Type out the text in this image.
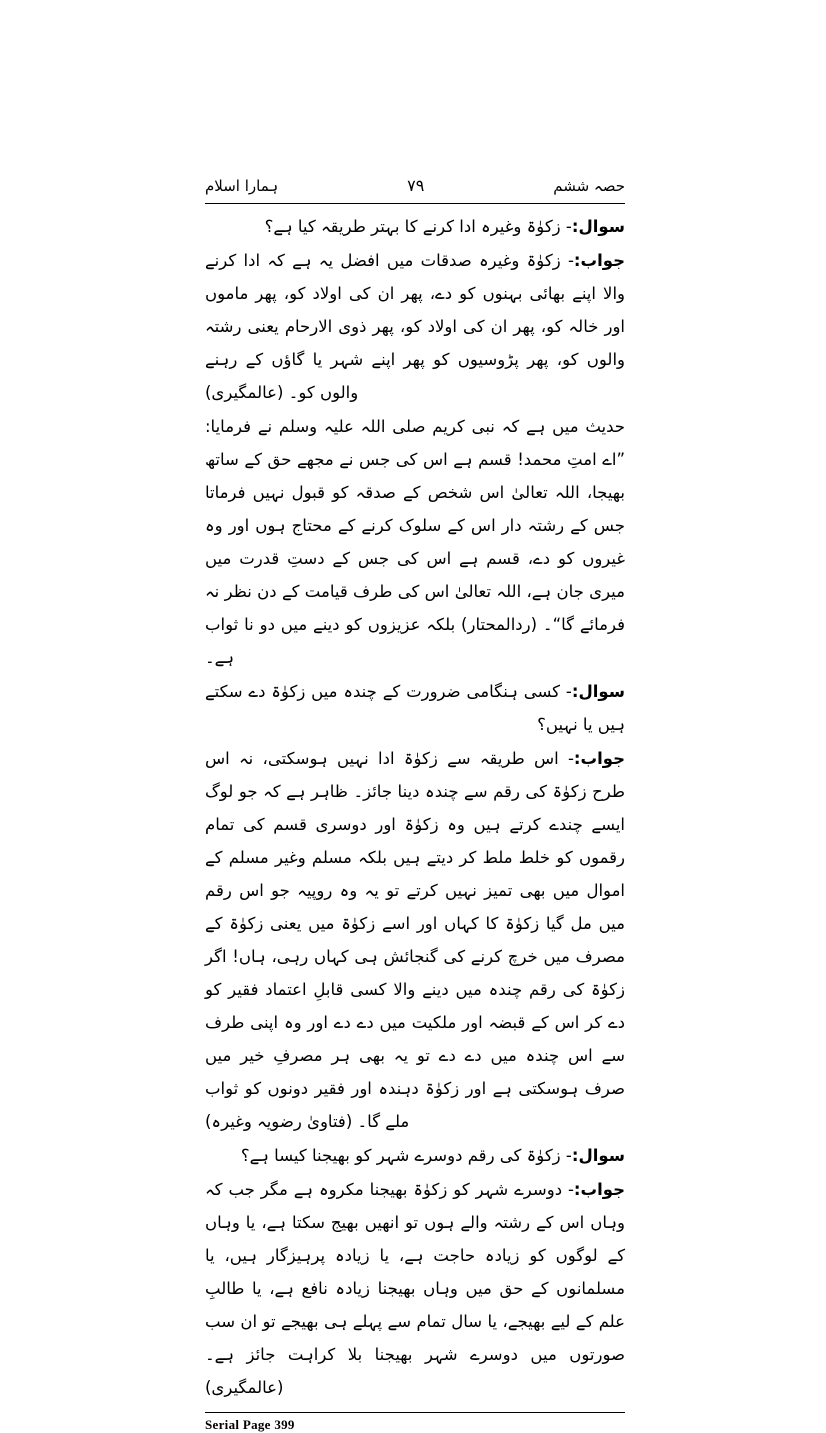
ہمارا اسلام	۷۹	حصہ ششم

سوال:- زکوٰۃ وغیرہ ادا کرنے کا بہتر طریقہ کیا ہے؟

جواب:- زکوٰۃ وغیرہ صدقات میں افضل یہ ہے کہ ادا کرنے والا اپنے بھائی بہنوں کو دے، پھر ان کی اولاد کو، پھر ماموں اور خالہ کو، پھر ان کی اولاد کو، پھر ذوی الارحام یعنی رشتہ والوں کو، پھر پڑوسیوں کو پھر اپنے شہر یا گاؤں کے رہنے والوں کو۔ (عالمگیری)

حدیث میں ہے کہ نبی کریم صلی اللہ علیہ وسلم نے فرمایا: ”اے امتِ محمد! قسم ہے اس کی جس نے مجھے حق کے ساتھ بھیجا، اللہ تعالیٰ اس شخص کے صدقہ کو قبول نہیں فرماتا جس کے رشتہ دار اس کے سلوک کرنے کے محتاج ہوں اور وہ غیروں کو دے، قسم ہے اس کی جس کے دستِ قدرت میں میری جان ہے، اللہ تعالیٰ اس کی طرف قیامت کے دن نظر نہ فرمائے گا“۔ (ردالمحتار) بلکہ عزیزوں کو دینے میں دو نا ثواب ہے۔

سوال:- کسی ہنگامی ضرورت کے چندہ میں زکوٰۃ دے سکتے ہیں یا نہیں؟

جواب:- اس طریقہ سے زکوٰۃ ادا نہیں ہوسکتی، نہ اس طرح زکوٰۃ کی رقم سے چندہ دینا جائز۔ ظاہر ہے کہ جو لوگ ایسے چندے کرتے ہیں وہ زکوٰۃ اور دوسری قسم کی تمام رقموں کو خلط ملط کر دیتے ہیں بلکہ مسلم وغیر مسلم کے اموال میں بھی تمیز نہیں کرتے تو یہ وہ روپیہ جو اس رقم میں مل گیا زکوٰۃ کا کہاں اور اسے زکوٰۃ میں یعنی زکوٰۃ کے مصرف میں خرچ کرنے کی گنجائش ہی کہاں رہی، ہاں! اگر زکوٰۃ کی رقم چندہ میں دینے والا کسی قابلِ اعتماد فقیر کو دے کر اس کے قبضہ اور ملکیت میں دے دے اور وہ اپنی طرف سے اس چندہ میں دے دے تو یہ بھی ہر مصرفِ خیر میں صرف ہوسکتی ہے اور زکوٰۃ دہندہ اور فقیر دونوں کو ثواب ملے گا۔ (فتاویٰ رضویہ وغیرہ)

سوال:- زکوٰۃ کی رقم دوسرے شہر کو بھیجنا کیسا ہے؟

جواب:- دوسرے شہر کو زکوٰۃ بھیجنا مکروہ ہے مگر جب کہ وہاں اس کے رشتہ والے ہوں تو انھیں بھیج سکتا ہے، یا وہاں کے لوگوں کو زیادہ حاجت ہے، یا زیادہ پرہیزگار ہیں، یا مسلمانوں کے حق میں وہاں بھیجنا زیادہ نافع ہے، یا طالبِ علم کے لیے بھیجے، یا سال تمام سے پہلے ہی بھیجے تو ان سب صورتوں میں دوسرے شہر بھیجنا بلا کراہت جائز ہے۔ (عالمگیری)

Serial Page 399
